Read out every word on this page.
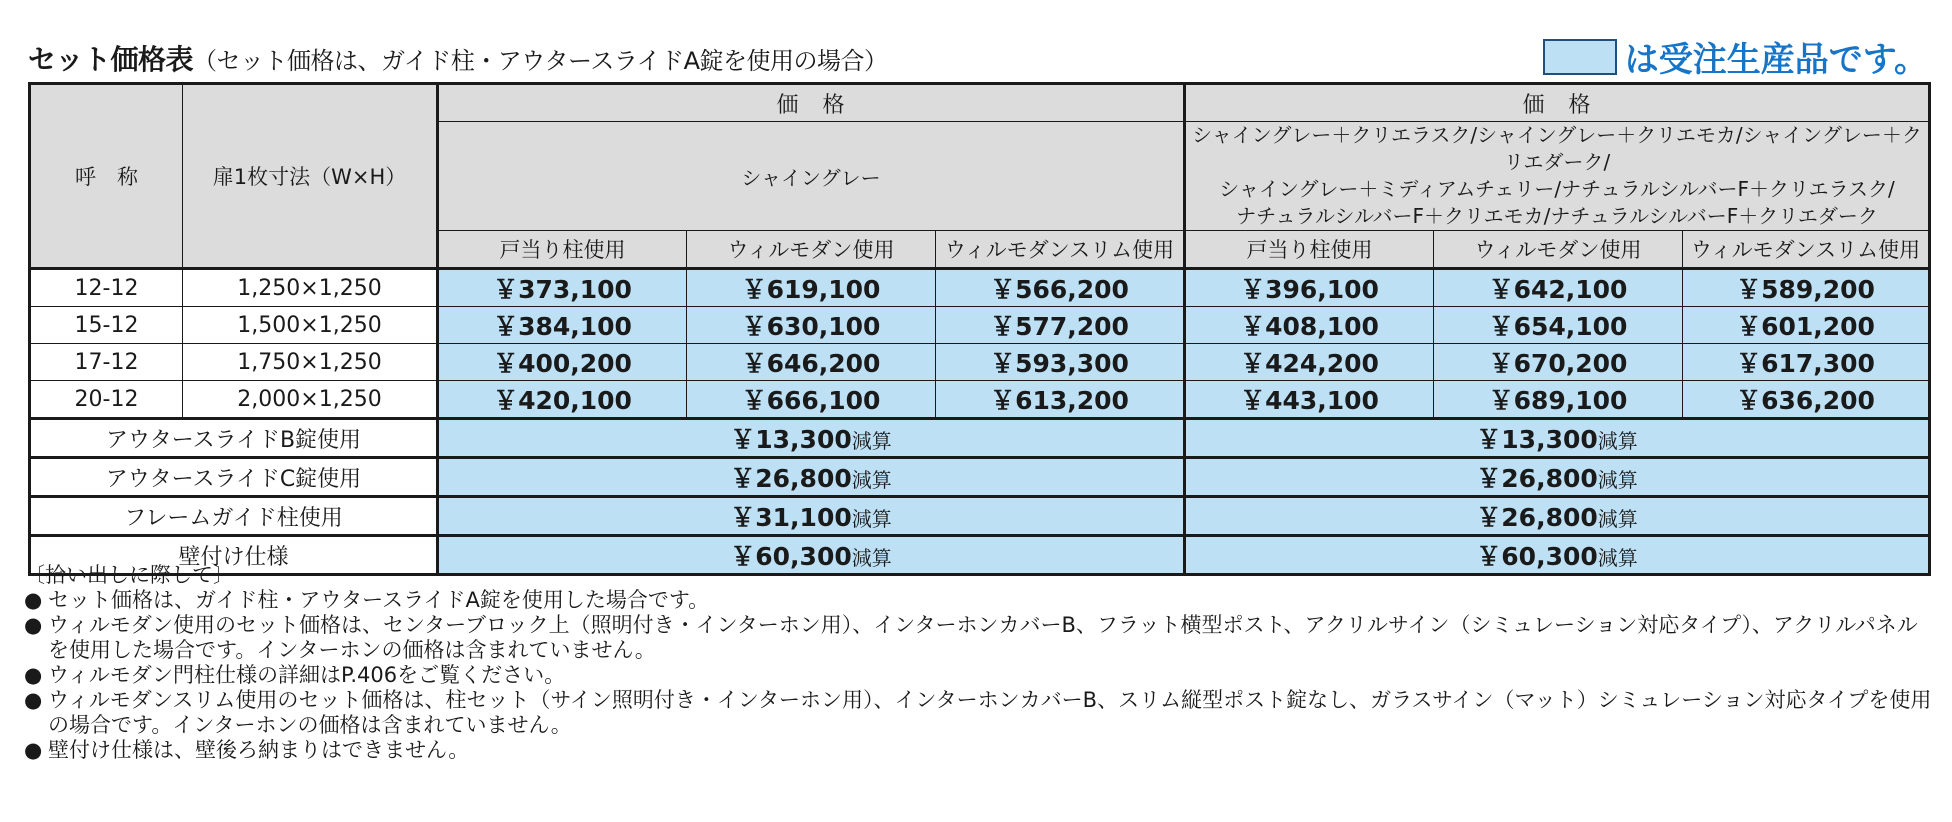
セット価格表（セット価格は、ガイド柱・アウタースライドA錠を使用の場合）	は受注生産品です。
呼　称	扉1枚寸法（W×H）	価　格			価　格		
		シャイングレー			シャイングレー＋クリエラスク/シャイングレー＋クリエモカ/シャイングレー＋クリエダーク/
シャイングレー＋ミディアムチェリー/ナチュラルシルバーF＋クリエラスク/
ナチュラルシルバーF＋クリエモカ/ナチュラルシルバーF＋クリエダーク		

		戸当り柱使用	ウィルモダン使用	ウィルモダンスリム使用	戸当り柱使用	ウィルモダン使用	ウィルモダンスリム使用
12-12	1,250×1,250	￥373,100	￥619,100	￥566,200	￥396,100	￥642,100	￥589,200
15-12	1,500×1,250	￥384,100	￥630,100	￥577,200	￥408,100	￥654,100	￥601,200
17-12	1,750×1,250	￥400,200	￥646,200	￥593,300	￥424,200	￥670,200	￥617,300
20-12	2,000×1,250	￥420,100	￥666,100	￥613,200	￥443,100	￥689,100	￥636,200
アウタースライドB錠使用		￥13,300減算			￥13,300減算		
アウタースライドC錠使用		￥26,800減算			￥26,800減算		
フレームガイド柱使用		￥31,100減算			￥26,800減算		
壁付け仕様		￥60,300減算			￥60,300減算		
〔拾い出しに際して〕
● セット価格は、ガイド柱・アウタースライドA錠を使用した場合です。
● ウィルモダン使用のセット価格は、センターブロック上（照明付き・インターホン用）、インターホンカバーB、フラット横型ポスト、アクリルサイン（シミュレーション対応タイプ）、アクリルパネルを使用した場合です。インターホンの価格は含まれていません。
● ウィルモダン門柱仕様の詳細はP.406をご覧ください。
● ウィルモダンスリム使用のセット価格は、柱セット（サイン照明付き・インターホン用）、インターホンカバーB、スリム縦型ポスト錠なし、ガラスサイン（マット）シミュレーション対応タイプを使用の場合です。インターホンの価格は含まれていません。
● 壁付け仕様は、壁後ろ納まりはできません。
